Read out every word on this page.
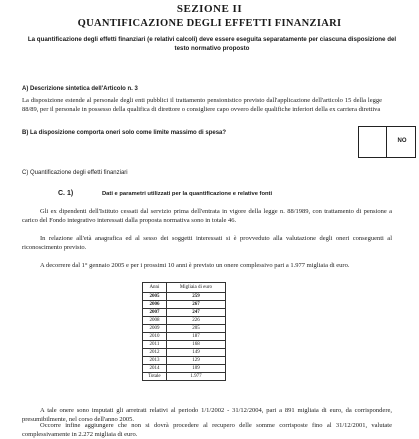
SEZIONE II
QUANTIFICAZIONE DEGLI EFFETTI FINANZIARI
La quantificazione degli effetti finanziari (e relativi calcoli) deve essere eseguita separatamente per ciascuna disposizione del testo normativo proposto
A) Descrizione sintetica dell'Articolo n. 3
La disposizione estende al personale degli enti pubblici il trattamento pensionistico previsto dall'applicazione dell'articolo 15 della legge 88/89, per il personale in possesso della qualifica di direttore o consigliere capo ovvero delle qualifiche inferiori della ex carriera direttiva
B) La disposizione comporta oneri solo come limite massimo di spesa?
NO
C) Quantificazione degli effetti finanziari
C. 1)	Dati e parametri utilizzati per la quantificazione e relative fonti
Gli ex dipendenti dell'Istituto cessati dal servizio prima dell'entrata in vigore della legge n. 88/1989, con trattamento di pensione a carico del Fondo integrativo interessati dalla proposta normativa sono in totale 46.
In relazione all'età anagrafica ed al sesso dei soggetti interessati si è provveduto alla valutazione degli oneri conseguenti al riconoscimento previsto.
A decorrere dal 1° gennaio 2005 e per i prossimi 10 anni è previsto un onere complessivo pari a 1.977 migliaia di euro.
Anni	Migliaia di euro
2005	259
2006	267
2007	247
2008	226
2009	205
2010	187
2011	168
2012	149
2013	129
2014	109
Totale	1.977
A tale onere sono imputati gli arretrati relativi al periodo 1/1/2002 - 31/12/2004, pari a 891 migliaia di euro, da corrispondere, presumibilmente, nel corso dell'anno 2005.
Occorre infine aggiungere che non si dovrà procedere al recupero delle somme corrisposte fino al 31/12/2001, valutate complessivamente in 2.272 migliaia di euro.
